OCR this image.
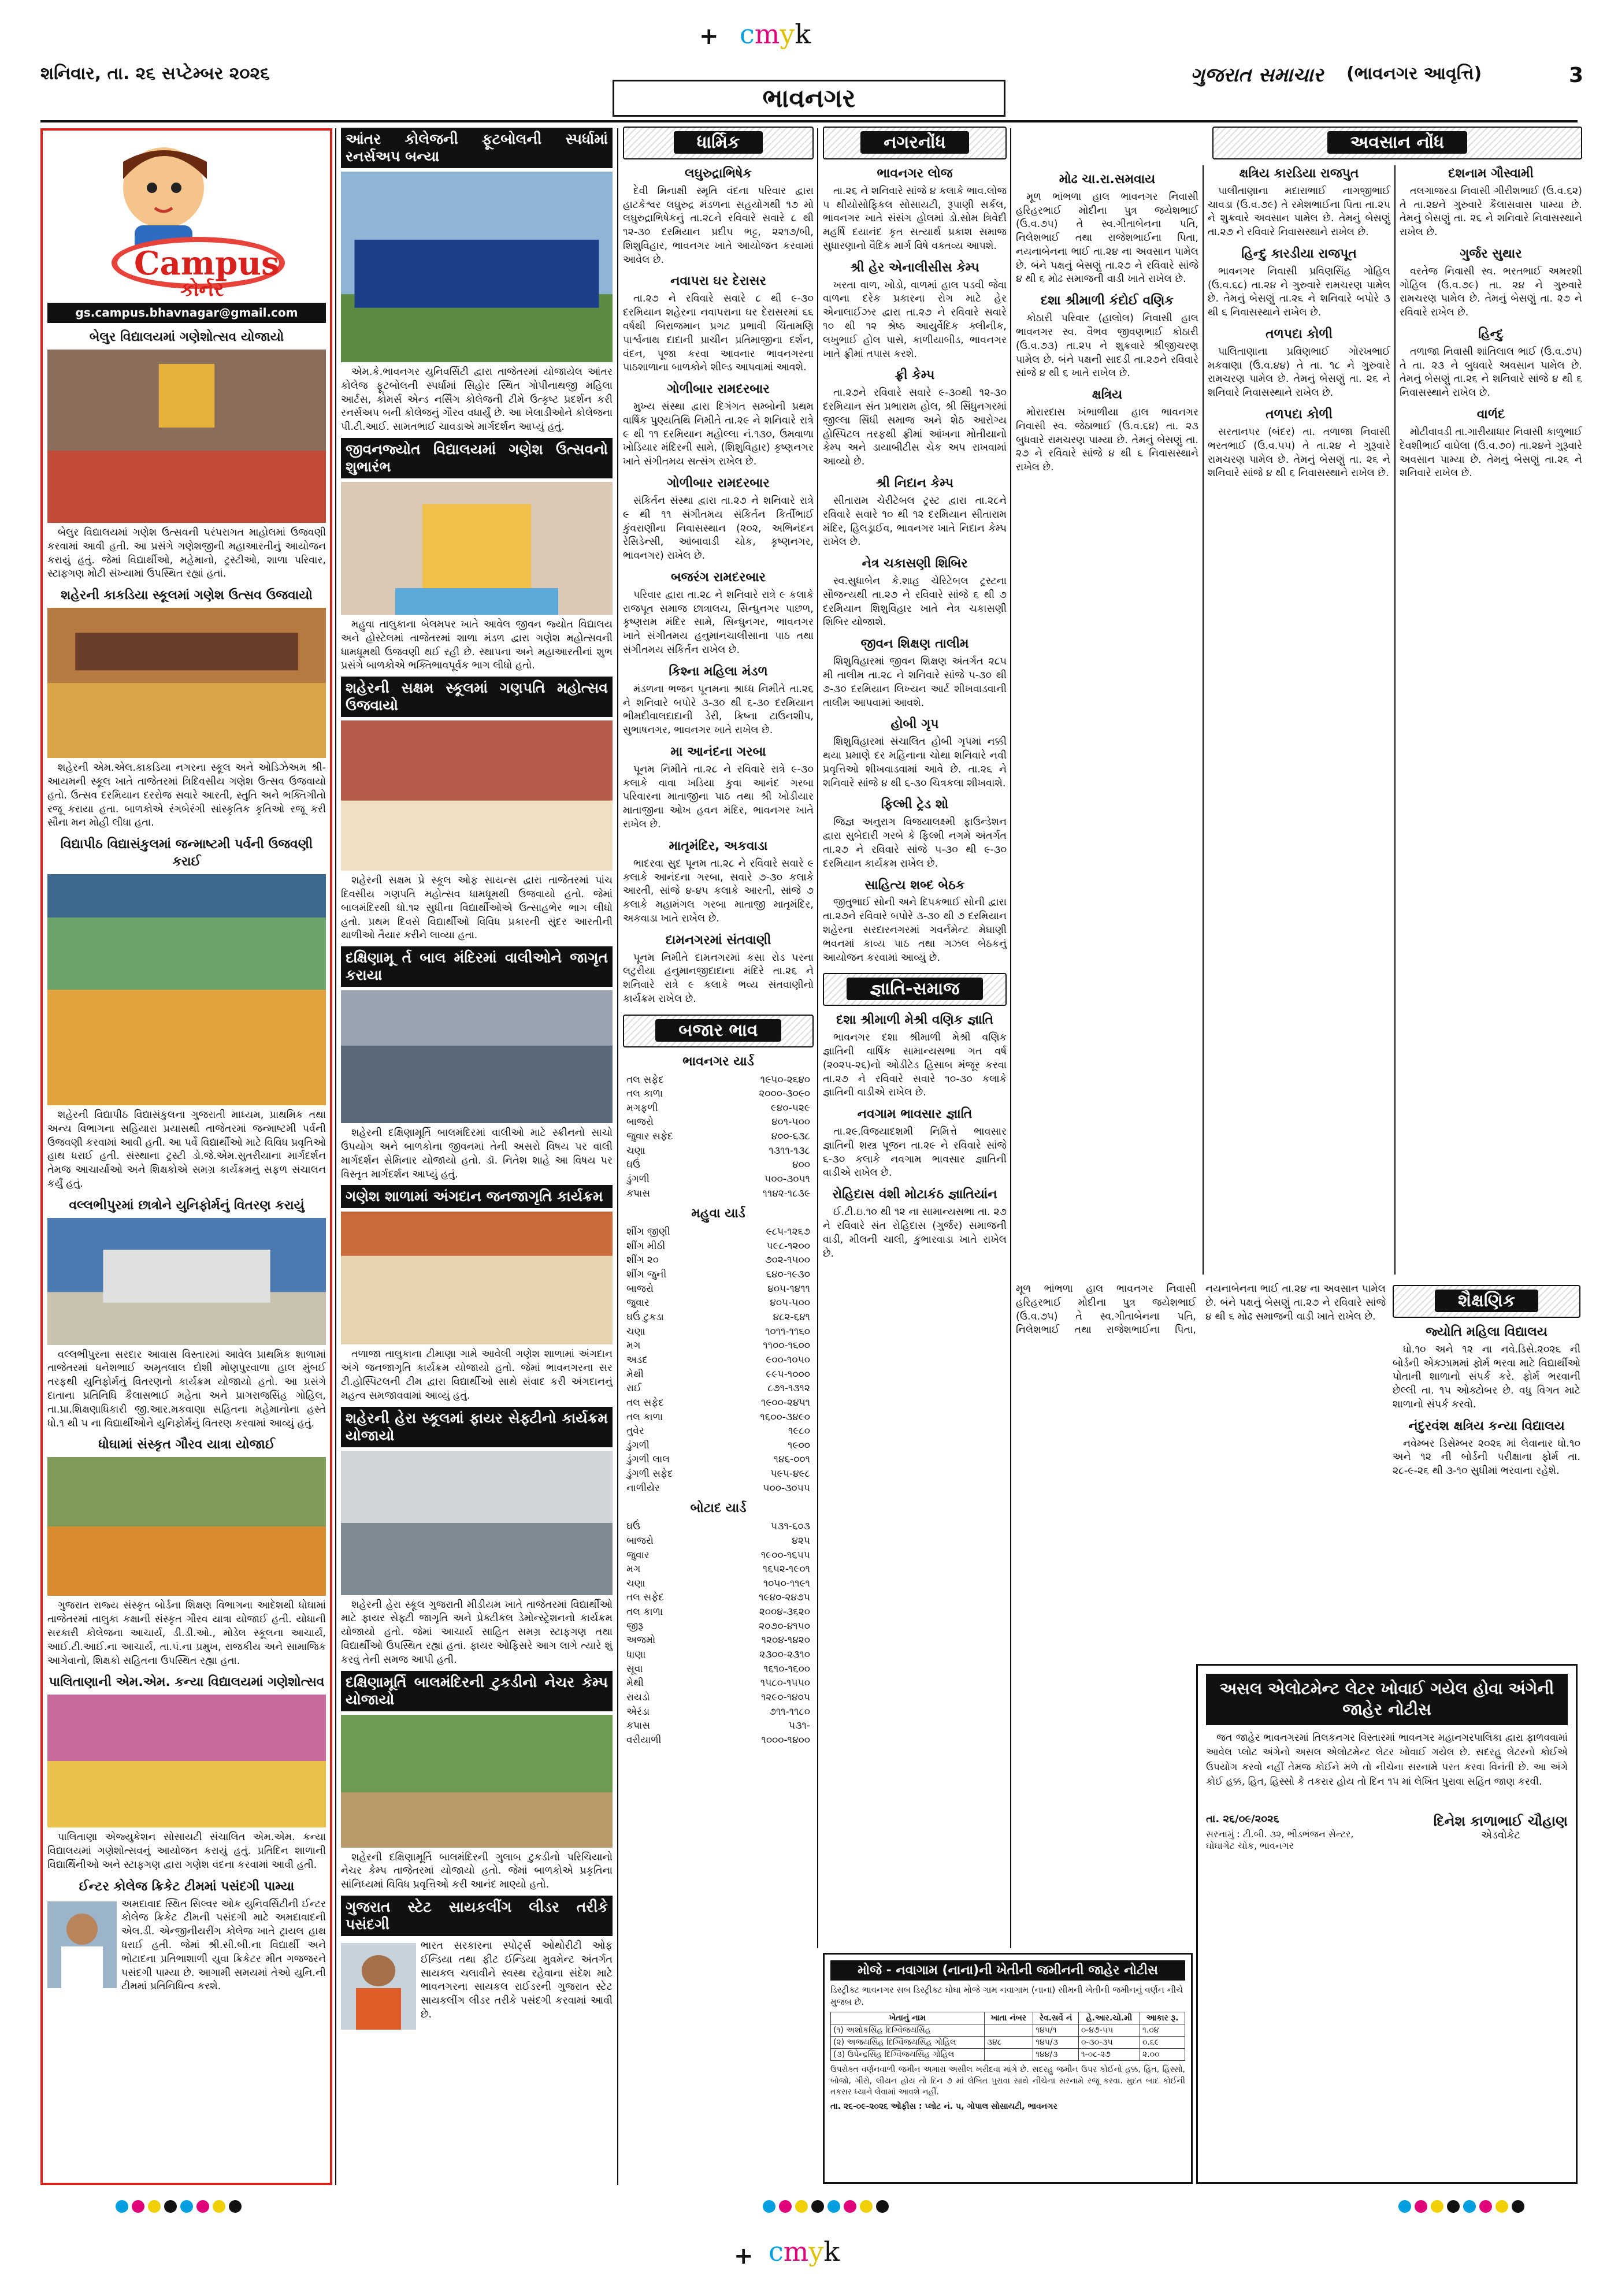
+ cmyk
+ cmyk
શનિવાર, તા. ૨૬ સપ્ટેમ્બર ૨૦૨૬
ભાવનગર
ગુજરાત સમાચાર (ભાવનગર આવૃત્તિ)	3
Campus
કોર્નર
gs.campus.bhavnagar@gmail.com
બેલુર વિદ્યાલયમાં ગણેશોત્સવ યોજાયો

બેલુર વિદ્યાલયમાં ગણેશ ઉત્સવની પરંપરાગત માહોલમાં ઉજવણી કરવામાં આવી હતી. આ પ્રસંગે ગણેશજીની મહાઆરતીનું આયોજન કરાયું હતું. જેમાં વિદ્યાર્થીઓ, મહેમાનો, ટ્રસ્ટીઓ, શાળા પરિવાર, સ્ટાફગણ મોટી સંખ્યામાં ઉપસ્થિત રહ્યાં હતાં.

શહેરની કાકડિયા સ્કૂલમાં ગણેશ ઉત્સવ ઉજવાયો

શહેરની એમ.એલ.કાકડિયા નગરના સ્કૂલ અને ઓડિઝેઅમ શ્રી-આયમની સ્કૂલ ખાતે તાજેતરમાં ત્રિદિવસીય ગણેશ ઉત્સવ ઉજવાયો હતો. ઉત્સવ દરમિયાન દરરોજ સવારે આરતી, સ્તુતિ અને ભક્તિગીતો રજૂ કરાયા હતા. બાળકોએ રંગબેરંગી સાંસ્કૃતિક કૃતિઓ રજૂ કરી સૌના મન મોહી લીધા હતા.

વિદ્યાપીઠ વિદ્યાસંકુલમાં જન્માષ્ટમી પર્વની ઉજવણી કરાઈ

શહેરની વિદ્યાપીઠ વિદ્યાસંકુલના ગુજરાતી માધ્યમ, પ્રાથમિક તથા અન્ય વિભાગના સહિયારા પ્રયાસથી તાજેતરમાં જન્માષ્ટમી પર્વની ઉજવણી કરવામાં આવી હતી. આ પર્વે વિદ્યાર્થીઓ માટે વિવિધ પ્રવૃતિઓ હાથ ધરાઈ હતી. સંસ્થાના ટ્રસ્ટી ડો.જે.એમ.સુતરીયાના માર્ગદર્શન તેમજ આચાર્યાઓ અને શિક્ષકોએ સમગ્ર કાર્યક્રમનું સફળ સંચાલન કર્યું હતું.

વલ્લભીપુરમાં છાત્રોને યુનિફોર્મનું વિતરણ કરાયું

વલ્લભીપુરના સરદાર આવાસ વિસ્તારમાં આવેલ પ્રાથમિક શાળામાં તાજેતરમાં ધનેશભાઈ અમૃતલાલ દોશી મોણપુરવાળા હાલ મુંબઈ તરફથી યુનિફોર્મનું વિતરણનો કાર્યક્રમ યોજાયો હતો. આ પ્રસંગે દાતાના પ્રતિનિધિ કૈલાસભાઈ મહેતા અને પ્રાગરાજસિંહ ગોહિલ, તા.પ્રા.શિક્ષણાધિકારી જી.આર.મકવાણા સહિતના મહેમાનોના હસ્તે ધો.૧ થી ૫ ના વિદ્યાર્થીઓને યુનિફોર્મનું વિતરણ કરવામાં આવ્યું હતું.

ધોઘામાં સંસ્કૃત ગૌરવ યાત્રા યોજાઈ

ગુજરાત રાજ્ય સંસ્કૃત બોર્ડના શિક્ષણ વિભાગના આદેશથી ધોઘામાં તાજેતરમાં તાલુકા કક્ષાની સંસ્કૃત ગૌરવ યાત્રા યોજાઈ હતી. યોધાની સરકારી કોલેજના આચાર્ય, ડી.ડી.ઓ., મોડેલ સ્કૂલના આચાર્ય, આઈ.ટી.આઈ.ના આચાર્ય, તા.પં.ના પ્રમુખ, રાજકીય અને સામાજિક આગેવાનો, શિક્ષકો સહિતના ઉપસ્થિત રહ્યા હતા.

પાલિતાણાની એમ.એમ. કન્યા વિદ્યાલયમાં ગણેશોત્સવ

પાલિતાણા એજ્યુકેશન સોસાયટી સંચાલિત એમ.એમ. કન્યા વિદ્યાલયમાં ગણેશોત્સવનું આયોજન કરાયું હતું. પ્રતિદિન શાળાની વિદ્યાર્થિનીઓ અને સ્ટાફગણ દ્વારા ગણેશ વંદના કરવામાં આવી હતી.

ઈન્ટર કોલેજ ક્રિકેટ ટીમમાં પસંદગી પામ્યા

અમદાવાદ સ્થિત સિલ્વર ઓક યુનિવર્સિટીની ઈન્ટર કોલેજ ક્રિકેટ ટીમની પસંદગી માટે અમદાવાદની એલ.ડી. એન્જીનીયરીંગ કોલેજ ખાતે ટ્રાયલ હાથ ધરાઈ હતી. જેમાં શ્રી.સી.બી.ના વિદ્યાર્થી અને ભોટાદના પ્રતિભાશાળી યુવા ક્રિકેટર મીત ગજજરને પસંદગી પામ્યા છે. આગામી સમયમાં તેઓ યુનિ.ની ટીમમાં પ્રતિનિધિત્વ કરશે.

આંતર કોલેજની ફૂટબોલની સ્પર્ધામાં રનર્સઅપ બન્યા

એમ.કે.ભાવનગર યુનિવર્સિટી દ્વારા તાજેતરમાં યોજાયેલ આંતર કોલેજ ફૂટબોલની સ્પર્ધામાં સિહોર સ્થિત ગોપીનાથજી મહિલા આર્ટસ, કોમર્સ એન્ડ નર્સિંગ કોલેજની ટીમે ઉત્કૃષ્ટ પ્રદર્શન કરી રનર્સઅપ બની કોલેજનું ગૌરવ વધાર્યું છે. આ ખેલાડીઓને કોલેજના પી.ટી.આઈ. સામતભાઈ ચાવડાએ માર્ગદર્શન આપ્યું હતું.

જીવનજ્યોત વિદ્યાલયમાં ગણેશ ઉત્સવનો શુભારંભ

મહુવા તાલુકાના બેલમપર ખાતે આવેલ જીવન જ્યોત વિદ્યાલય અને હોસ્ટેલમાં તાજેતરમાં શાળા મંડળ દ્વારા ગણેશ મહોત્સવની ધામધૂમથી ઉજવણી થઈ રહી છે. સ્થાપના અને મહાઆરતીનાં શુભ પ્રસંગે બાળકોએ ભક્તિભાવપૂર્વક ભાગ લીધો હતો.

શહેરની સક્ષમ સ્કૂલમાં ગણપતિ મહોત્સવ ઉજવાયો

શહેરની સક્ષમ પ્રે સ્કૂલ ઓફ સાયન્સ દ્વારા તાજેતરમાં પાંચ દિવસીય ગણપતિ મહોત્સવ ધામધૂમથી ઉજવાયો હતો. જેમાં બાલમંદિરથી ધો.૧૨ સુધીના વિદ્યાર્થીઓએ ઉત્સાહભેર ભાગ લીધો હતો. પ્રથમ દિવસે વિદ્યાર્થીઓ વિવિધ પ્રકારની સુંદર આરતીની થાળીઓ તૈયાર કરીને લાવ્યા હતા.

દક્ષિણામૂ ર્ત બાલ મંદિરમાં વાલીઓને જાગૃત કરાયા

શહેરની દક્ષિણામૂર્તિ બાલમંદિરમાં વાલીઓ માટે સ્ક્રીનનો સાચો ઉપયોગ અને બાળકોના જીવનમાં તેની અસરો વિષય પર વાલી માર્ગદર્શન સેમિનાર યોજાયો હતો. ડૉ. નિતેશ શાહે આ વિષય પર વિસ્તૃત માર્ગદર્શન આપ્યું હતું.

ગણેશ શાળામાં અંગદાન જનજાગૃતિ કાર્યક્રમ

તળાજા તાલુકાના ટીમાણા ગામે આવેલી ગણેશ શાળામાં અંગદાન અંગે જનજાગૃતિ કાર્યક્રમ યોજાયો હતો. જેમાં ભાવનગરના સર ટી.હોસ્પિટલની ટીમ દ્વારા વિદ્યાર્થીઓ સાથે સંવાદ કરી અંગદાનનું મહત્વ સમજાવવામાં આવ્યું હતું.

શહેરની હેરા સ્કૂલમાં ફાયર સેફ્ટીનો કાર્યક્રમ યોજાયો

શહેરની હેરા સ્કૂલ ગુજરાતી મીડીયમ ખાતે તાજેતરમાં વિદ્યાર્થીઓ માટે ફાયર સેફ્ટી જાગૃતિ અને પ્રેક્ટીકલ ડેમોન્સ્ટ્રેશનનો કાર્યક્રમ યોજાયો હતો. જેમાં આચાર્ય સાહિત સમગ્ર સ્ટાફગણ તથા વિદ્યાર્થીઓ ઉપસ્થિત રહ્યાં હતાં. ફાયર ઓફિસરે આગ લાગે ત્યારે શું કરવું તેની સમજ આપી હતી.

દક્ષિણામૂર્તિ બાલમંદિરની ટુકડીનો નેચર કેમ્પ યોજાયો

શહેરની દક્ષિણામૂર્તિ બાલમંદિરની ગુલાબ ટુકડીનો પરિચિયાનો નેચર કેમ્પ તાજેતરમાં યોજાયો હતો. જેમાં બાળકોએ પ્રકૃતિના સાંનિધ્યમાં વિવિધ પ્રવૃત્તિઓ કરી આનંદ માણ્યો હતો.

ગુજરાત સ્ટેટ સાયકલીંગ લીડર તરીકે પસંદગી

ભારત સરકારના સ્પોર્ટ્સ ઓથોરીટી ઓફ ઈન્ડિયા તથા ફીટ ઈન્ડિયા મુવમેન્ટ અંતર્ગત સાયકલ ચલાવીને સ્વસ્થ રહેવાના સંદેશ માટે ભાવનગરના સાયકલ રાઈડરની ગુજરાત સ્ટેટ સાયકલીંગ લીડર તરીકે પસંદગી કરવામાં આવી છે.

ધાર્મિક
લઘુરુદ્રાભિષેક

દેવી મિનાક્ષી સ્મૃતિ વંદના પરિવાર દ્વારા હાટકેશ્વર લઘુરુદ્ર મંડળના સહયોગથી ૧૭ મો લઘુરુદ્રાભિષેકનું તા.૨૮ને રવિવારે સવારે ૮ થી ૧૨-૩૦ દરમિયાન પ્રદીપ ભટ્ટ, ૨૨૧૭/બી, શિશુવિહાર, ભાવનગર ખાતે આયોજન કરવામાં આવેલ છે.

નવાપરા ઘર દેરાસર

તા.૨૭ ને રવિવારે સવારે ૮ થી ૯-૩૦ દરમિયાન શહેરના નવાપરાના ઘર દેરાસરમાં ૬૬ વર્ષથી બિરાજમાન પ્રગટ પ્રભાવી ચિંતામણિ પાર્શ્વનાથ દાદાની પ્રાચીન પ્રતિમાજીના દર્શન, વંદન, પૂજા કરવા આવનાર ભાવનગરના પાઠશાળાના બાળકોને શીલ્ડ આપવામાં આવશે.

ગોળીબાર રામદરબાર

મુખ્ય સંસ્થા દ્વારા દિગંગત સમ્બોની પ્રથમ વાર્ષિક પુણ્યતિથિ નિમીતે તા.૨૯ ને શનિવારે રાત્રે ૯ થી ૧૧ દરમિયાન મહોલ્લા નં.૧૩૦, ઉમવાળા ખોડિયાર મંદિરની સામે, (શિશુવિહાર) કૃષ્ણનગર ખાતે સંગીતમય સત્સંગ રાખેલ છે.

ગોળીબાર રામદરબાર

સંકિર્તન સંસ્થા દ્વારા તા.૨૭ ને શનિવારે રાત્રે ૯ થી ૧૧ સંગીતમય સંકિર્તન કિર્તીભાઈ કુંવરાણીના નિવાસસ્થાન (૨૦૨, અભિનંદન રેસિડેન્સી, આંબાવાડી ચોક, કૃષ્ણનગર, ભાવનગર) રાખેલ છે.

બજરંગ રામદરબાર

પરિવાર દ્વારા તા.૨૮ ને શનિવારે રાત્રે ૯ કલાકે રાજપૂત સમાજ છાત્રાલય, સિન્ધુનગર પાછળ, કૃષ્ણરામ મંદિર સામે, સિન્ધુનગર, ભાવનગર ખાતે સંગીતમય હનુમાનચાલીસાના પાઠ તથા સંગીતમય સંકિર્તન રાખેલ છે.

કિશ્ના મહિલા મંડળ

મંડળના ભજન પૂનમના શ્રાધ્ધ નિમીતે તા.૨૬ ને શનિવારે બપોરે ૩-૩૦ થી ૬-૩૦ દરમિયાન ભીમદીવાલદાદાની ડેરી, ક્રિષ્ના ટાઉનશીપ, સુભાષનગર, ભાવનગર ખાતે રાખેલ છે.

મા આનંદના ગરબા

પૂનમ નિમીતે તા.૨૮ ને રવિવારે રાત્રે ૯-૩૦ કલાકે વાવા ખડિયા કુવા આનંદ ગરબા પરિવારના માતાજીના પાઠ તથા શ્રી ખોડીયાર માતાજીના ઓખ હવન મંદિર, ભાવનગર ખાતે રાખેલ છે.

માતૃમંદિર, અકવાડા

ભાદરવા સુદ પૂનમ તા.૨૮ ને રવિવારે સવારે ૯ કલાકે આનંદના ગરબા, સવારે ૭-૩૦ કલાકે આરતી, સાંજે ૪-૪૫ કલાકે આરતી, સાંજે ૭ કલાકે મહામંગલ ગરબા માતાજી માતૃમંદિર, અકવાડા ખાતે રાખેલ છે.

દામનગરમાં સંતવાણી

પૂનમ નિમીતે દામનગરમાં કસા રોડ પરના લટુરીયા હનુમાનજીદાદાના મંદિરે તા.૨૬ ને શનિવારે રાત્રે ૯ કલાકે ભવ્ય સંતવાણીનો કાર્યક્રમ રાખેલ છે.

બજાર ભાવ
ભાવનગર યાર્ડ
તલ સફેદ	૧૯૫૦-૨૬૪૦
તલ કાળા	૨૦૦૦-૩૦૯૦
મગફળી	૯૪૦-૫૨૯
બાજરો	૪૦૧-૫૦૦
જુવાર સફેદ	૪૦૦-૬૩૮
ચણા	૧૩૧૧-૧૩૮
ઘઉં	૪૦૦
ડુંગળી	૫૦૦-૩૦૫૧
કપાસ	૧૧૪૨-૧૮૩૯
મહુવા યાર્ડ
શીંગ જીણી	૯૮૫-૧૨૬૭
શીંગ મીઠી	૫૯૮-૧૨૦૦
શીંગ ૨૦	૭૦૨-૧૫૦૦
શીંગ જુની	૬૪૦-૧૯૩૦
બાજરો	૪૦૫-૧૪૧૧
જુવાર	૪૦૫-૫૦૦
ઘઉં ટુકડા	૪૮૨-૬૪૧
ચણા	૧૦૧૧-૧૧૬૦
મગ	૧૧૦૦-૧૬૦૦
અડદ	૯૦૦-૧૦૫૦
મેથી	૯૯૫-૧૦૦૦
રાઈ	૮૭૧-૧૩૧૨
તલ સફેદ	૧૯૦૦-૨૪૫૧
તલ કાળા	૧૬૦૦-૩૪૯૦
તુવેર	૧૯૮૦
ડુંગળી	૧૯૦૦
ડુંગળી લાલ	૧૪૬-૦૦૧
ડુંગળી સફેદ	૫૯૫-૪૯૮
નાળીયેર	૫૦૦-૩૦૫૫
બોટાદ યાર્ડ
ઘઉં	૫૩૧-૬૦૩
બાજરો	૪૨૫
જુવાર	૧૯૦૦-૧૬૫૫
મગ	૧૬૫૨-૧૯૦૧
ચણા	૧૦૫૦-૧૧૯૧
તલ સફેદ	૧૯૪૦-૨૪૭૫
તલ કાળા	૨૦૦૪-૩૬૨૦
જીરૂ	૨૦૭૦-૪૧૫૦
અજમો	૧૨૦૪-૧૪૨૦
ધાણા	૨૩૦૦-૨૩૧૦
સૂવા	૧૬૧૦-૧૬૦૦
મેથી	૧૫૮૦-૧૫૫૦
રાયડો	૧૨૯૦-૧૪૦૫
એરંડા	૭૧૧-૧૧૮૦
કપાસ	૫૩૧-
વરીયાળી	૧૦૦૦-૧૪૦૦
નગરનોંધ
ભાવનગર લોજ

તા.૨૬ ને શનિવારે સાંજે ૪ કલાકે ભાવ.લોજ ૫ થીયોસોફિકલ સોસાયટી, રૂપાણી સર્કલ, ભાવનગર ખાતે સંસંગ હોલમાં ડો.સોમ ત્રિવેદી મહર્ષિ દયાનંદ કૃત સત્યાર્થ પ્રકાશ સમાજ સુધારણાનો વૈદિક માર્ગ વિષે વક્તવ્ય આપશે.

શ્રી હેર એનાલીસીસ કેમ્પ

ખરતા વાળ, ખોડો, વાળમાં હાલ પડવી જેવા વાળના દરેક પ્રકારના રોગ માટે હેર એનાલાઈઝર દ્વારા તા.૨૭ ને રવિવારે સવારે ૧૦ થી ૧૨ શ્રેષ્ઠ આયુર્વેદિક ક્લીનીક, લખુભાઈ હોલ પાસે, કાળીયાબીડ, ભાવનગર ખાતે ફ્રીમાં તપાસ કરશે.

ફ્રી કેમ્પ

તા.૨૭ને રવિવારે સવારે ૯-૩૦થી ૧૨-૩૦ દરમિયાન સંત પ્રભારામ હોલ, શ્રી સિંધુનગરમાં જીલ્લા સિંધી સમાજ અને શેઠ આરોગ્ય હોસ્પિટલ તરફથી ફ્રીમાં આંખના મોતીયાનો કેમ્પ અને ડાયાબીટીસ ચેક અપ રાખવામાં આવ્યો છે.

શ્રી નિદાન કેમ્પ

સીતારામ ચેરીટેબલ ટ્રસ્ટ દ્વારા તા.૨૮ને રવિવારે સવારે ૧૦ થી ૧૨ દરમિયાન સીતારામ મંદિર, હિલડ્રાઈવ, ભાવનગર ખાતે નિદાન કેમ્પ રાખેલ છે.

નેત્ર ચકાસણી શિબિર

સ્વ.સુધાબેન કે.શાહ ચેરિટેબલ ટ્રસ્ટના સૌજન્યથી તા.૨૭ ને રવિવારે સાંજે ૬ થી ૭ દરમિયાન શિશુવિહાર ખાતે નેત્ર ચકાસણી શિબિર યોજાશે.

જીવન શિક્ષણ તાલીમ

શિશુવિહારમાં જીવન શિક્ષણ અંતર્ગત ૨૮૫ મી તાલીમ તા.૨૮ ને શનિવારે સાંજે ૫-૩૦ થી ૭-૩૦ દરમિયાન લિખ્યન આર્ટ શીખવાડવાની તાલીમ આપવામાં આવશે.

હોબી ગૃપ

શિશુવિહારમાં સંચાલિત હોબી ગૃપમાં નક્કી થયા પ્રમાણે દર મહિનાના ચોથા શનિવારે નવી પ્રવૃત્તિઓ શીખવાડવામાં આવે છે. તા.૨૬ ને શનિવારે સાંજે ૪ થી ૬-૩૦ ચિત્રકલા શીખવાશે.

ફિલ્મી ટ્રેડ શો

જિજ્ઞ અનુરાગ વિજયાલક્ષ્મી ફાઉન્ડેશન દ્વારા સુબેદારી ગરબે કે ફિલ્મી નગમે અંતર્ગત તા.૨૭ ને રવિવારે સાંજે ૫-૩૦ થી ૯-૩૦ દરમિયાન કાર્યક્રમ રાખેલ છે.

સાહિત્ય શબ્દ બેઠક

જીતુભાઈ સોની અને દિપકભાઈ સોની દ્વારા તા.૨૭ને રવિવારે બપોરે ૩-૩૦ થી ૭ દરમિયાન શહેરના સરદારનગરમાં ગવર્નમેન્ટ મેઘાણી ભવનમાં કાવ્ય પાઠ તથા ગઝલ બેઠકનું આયોજન કરવામાં આવ્યું છે.

જ્ઞાતિ-સમાજ
દશા શ્રીમાળી મેશ્રી વણિક જ્ઞાતિ

ભાવનગર દશા શ્રીમાળી મેશ્રી વણિક જ્ઞાતિની વાર્ષિક સામાન્યસભા ગત વર્ષ (૨૦૨૫-૨૬)નો ઓડીટેડ હિસાબ મંજૂર કરવા તા.૨૭ ને રવિવારે સવારે ૧૦-૩૦ કલાકે જ્ઞાતિની વાડીએ રાખેલ છે.

નવગામ ભાવસાર જ્ઞાતિ

તા.૨૯.વિજયાદશમી નિમિત્તે ભાવસાર જ્ઞાતિની શસ્ત્ર પૂજન તા.૨૯ ને રવિવારે સાંજે ૬-૩૦ કલાકે નવગામ ભાવસાર જ્ઞાતિની વાડીએ રાખેલ છે.

રોહિદાસ વંશી મોટાકંઠ જ્ઞાતિયાંન

ઈ.ટી.ઇ.૧૦ થી ૧૨ ના સામાન્યસભા તા. ૨૭ ને રવિવારે સંત રોહિદાસ (ગુર્જર) સમાજની વાડી, મીલની ચાલી, કુંભારવાડા ખાતે રાખેલ છે.

અવસાન નોંધ
મોઢ ચા.રા.સમવાય

મૂળ ભાંભળા હાલ ભાવનગર નિવાસી હરિહરભાઈ મોદીના પુત્ર જયેશભાઈ (ઉ.વ.૭૫) તે સ્વ.ગીતાબેનના પતિ, નિલેશભાઈ તથા રાજેશભાઈના પિતા, નયનાબેનના ભાઈ તા.૨૪ ના અવસાન પામેલ છે. બંને પક્ષનું બેસણું તા.૨૭ ને રવિવારે સાંજે ૪ થી ૬ મોઢ સમાજની વાડી ખાતે રાખેલ છે.

દશા શ્રીમાળી કંદોઈ વણિક

કોઠારી પરિવાર (હાલોલ) નિવાસી હાલ ભાવનગર સ્વ. વૈભવ જીવણભાઈ કોઠારી (ઉ.વ.૭૩) તા.૨૫ ને શુક્રવારે શ્રીજીચરણ પામેલ છે. બંને પક્ષની સાદડી તા.૨૭ને રવિવારે સાંજે ૪ થી ૬ ખાતે રાખેલ છે.

ક્ષત્રિય

મોરારદાસ ખંભાળીયા હાલ ભાવનગર નિવાસી સ્વ. જેઠાભાઈ (ઉ.વ.૬૪) તા. ૨૩ બુધવારે રામચરણ પામ્યા છે. તેમનું બેસણું તા. ૨૭ ને રવિવારે સાંજે ૪ થી ૬ નિવાસસ્થાને રાખેલ છે.

ક્ષત્રિય કારડિયા રાજપુત

પાલીતાણાના મદારાભાઈ નાગજીભાઈ ચાવડા (ઉ.વ.૭૯) તે રમેશભાઈના પિતા તા.૨૫ ને શુક્રવારે અવસાન પામેલ છે. તેમનું બેસણું તા.૨૭ ને રવિવારે નિવાસસ્થાને રાખેલ છે.

હિન્દુ કારડીયા રાજપૂત

ભાવનગર નિવાસી પ્રવિણસિંહ ગોહિલ (ઉ.વ.૬૮) તા.૨૪ ને ગુરુવારે રામચરણ પામેલ છે. તેમનું બેસણું તા.૨૬ ને શનિવારે બપોરે ૩ થી ૬ નિવાસસ્થાને રાખેલ છે.

તળપદા કોળી

પાલિતાણાના પ્રવિણભાઈ ગોરખભાઈ મકવાણા (ઉ.વ.૪૪) તે તા. ૧૮ ને ગુરુવારે રામચરણ પામેલ છે. તેમનું બેસણું તા. ૨૬ ને શનિવારે નિવાસસ્થાને રાખેલ છે.

તળપદા કોળી

સરતાનપર (બંદર) તા. તળાજા નિવાસી ભરતભાઈ (ઉ.વ.૫૫) તે તા.૨૪ ને ગુરૂવારે રામચરણ પામેલ છે. તેમનું બેસણું તા. ૨૬ ને શનિવારે સાંજે ૪ થી ૬ નિવાસસ્થાને રાખેલ છે.

દશનામ ગૌસ્વામી

તલગાજરડા નિવાસી ગીરીશભાઈ (ઉ.વ.૬૨) તે તા.૨૪ને ગુરુવારે કૈલાસવાસ પામ્યા છે. તેમનું બેસણું તા. ૨૬ ને શનિવારે નિવાસસ્થાને રાખેલ છે.

ગુર્જર સુથાર

વરતેજ નિવાસી સ્વ. ભરતભાઈ અમરશી ગોહિલ (ઉ.વ.૭૯) તા. ૨૪ ને ગુરુવારે રામચરણ પામેલ છે. તેમનું બેસણું તા. ૨૭ ને રવિવારે રાખેલ છે.

હિન્દુ

તળાજા નિવાસી શાંતિલાલ ભાઈ (ઉ.વ.૭૫) તે તા. ૨૩ ને બુધવારે અવસાન પામેલ છે. તેમનું બેસણું તા.૨૬ ને શનિવારે સાંજે ૪ થી ૬ નિવાસસ્થાને રાખેલ છે.

વાળંદ

મોટીવાવડી તા.ગારીયાધાર નિવાસી કાળુભાઈ દેવશીભાઈ વાઘેલા (ઉ.વ.૭૦) તા.૨૪ને ગુરૂવારે અવસાન પામ્યા છે. તેમનું બેસણું તા.૨૬ ને શનિવારે રાખેલ છે.

શૈક્ષણિક
જ્યોતિ મહિલા વિદ્યાલય

ધો.૧૦ અને ૧૨ ના નવે.ડિસે.૨૦૨૬ ની બોર્ડની એક્ઝામમાં ફોર્મ ભરવા માટે વિદ્યાર્થીઓ પોતાની શાળાનો સંપર્ક કરે. ફોર્મ ભરવાની છેલ્લી તા. ૧૫ ઓક્ટોબર છે. વધુ વિગત માટે શાળાનો સંપર્ક કરવો.

નંદુરવંશ ક્ષત્રિય કન્યા વિદ્યાલય

નવેમ્બર ડિસેમ્બર ૨૦૨૬ માં લેવાનાર ધો.૧૦ અને ૧૨ ની બોર્ડની પરીક્ષાના ફોર્મ તા. ૨૮-૯-૨૬ થી ૩-૧૦ સુધીમાં ભરવાના રહેશે.

મૂળ ભાંભળા હાલ ભાવનગર નિવાસી હરિહરભાઈ મોદીના પુત્ર જયેશભાઈ (ઉ.વ.૭૫) તે સ્વ.ગીતાબેનના પતિ, નિલેશભાઈ તથા રાજેશભાઈના પિતા, નયનાબેનના ભાઈ તા.૨૪ ના અવસાન પામેલ છે. બંને પક્ષનું બેસણું તા.૨૭ ને રવિવારે સાંજે ૪ થી ૬ મોઢ સમાજની વાડી ખાતે રાખેલ છે.

અસલ એલોટમેન્ટ લેટર ખોવાઈ ગયેલ હોવા અંગેની જાહેર નોટીસ

જત જાહેર ભાવનગરમાં તિલકનગર વિસ્તારમાં ભાવનગર મહાનગરપાલિકા દ્વારા ફાળવવામાં આવેલ પ્લોટ અંગેનો અસલ એલોટમેન્ટ લેટર ખોવાઈ ગયેલ છે. સદરહુ લેટરનો કોઈએ ઉપયોગ કરવો નહીં તેમજ કોઈને મળે તો નીચેના સરનામે પરત કરવા વિનંતી છે. આ અંગે કોઈ હક્ક, હિત, હિસ્સો કે તકરાર હોય તો દિન ૧૫ માં લેખિત પુરાવા સહિત જાણ કરવી.

તા. ૨૬/૦૯/૨૦૨૬
સરનામું : ટી.બી. ૩૨, ભીડભંજન સેન્ટર, ઘોઘાગેટ ચોક, ભાવનગર
દિનેશ કાળાભાઈ ચૌહાણ
એડવોકેટ
મોજે - નવાગામ (નાના)ની ખેતીની જમીનની જાહેર નોટીસ

ડિસ્ટ્રીક્ટ ભાવનગર સબ ડિસ્ટ્રીક્ટ ઘોઘા મોજે ગામ નવાગામ (નાના) સીમની ખેતીની જમીનનું વર્ણન નીચે મુજબ છે.

ખેતાનું નામ	ખાતા નંબર	રેવ.સર્વે નં	હે.આર.ચો.મી	આકાર રૂ.
(૧) અશોકસિંહ દિગ્વિજયસિંહ		૧૪૫/૧	૦-૪૭-૫૫	૧.૦૪
(૨) અજયસિંહ દિગ્વિજયસિંહ ગોહિલ	૩૪૮	૧૪૫/૩	૦-૩૦-૩૫	૦.૬૯
(૩) ઉપેન્દ્રસિંહ દિગ્વિજયસિંહ ગોહિલ		૧૪૪/૩	૧-૦૮-૨૭	૨.૦૦

ઉપરોક્ત વર્ણનવાળી જમીન અમારા અસીલ ખરીદવા માંગે છે. સદરહુ જમીન ઉપર કોઈનો હક્ક, હિત, હિસ્સો, બોજો, ગીરો, લીયન હોય તો દિન ૭ માં લેખિત પુરાવા સાથે નીચેના સરનામે રજૂ કરવા. મુદત બાદ કોઈની તકરાર ધ્યાને લેવામાં આવશે નહીં.

તા. ૨૬-૦૯-૨૦૨૬ ઓફીસ : પ્લોટ નં. ૫, ગોપાલ સોસાયટી, ભાવનગર
